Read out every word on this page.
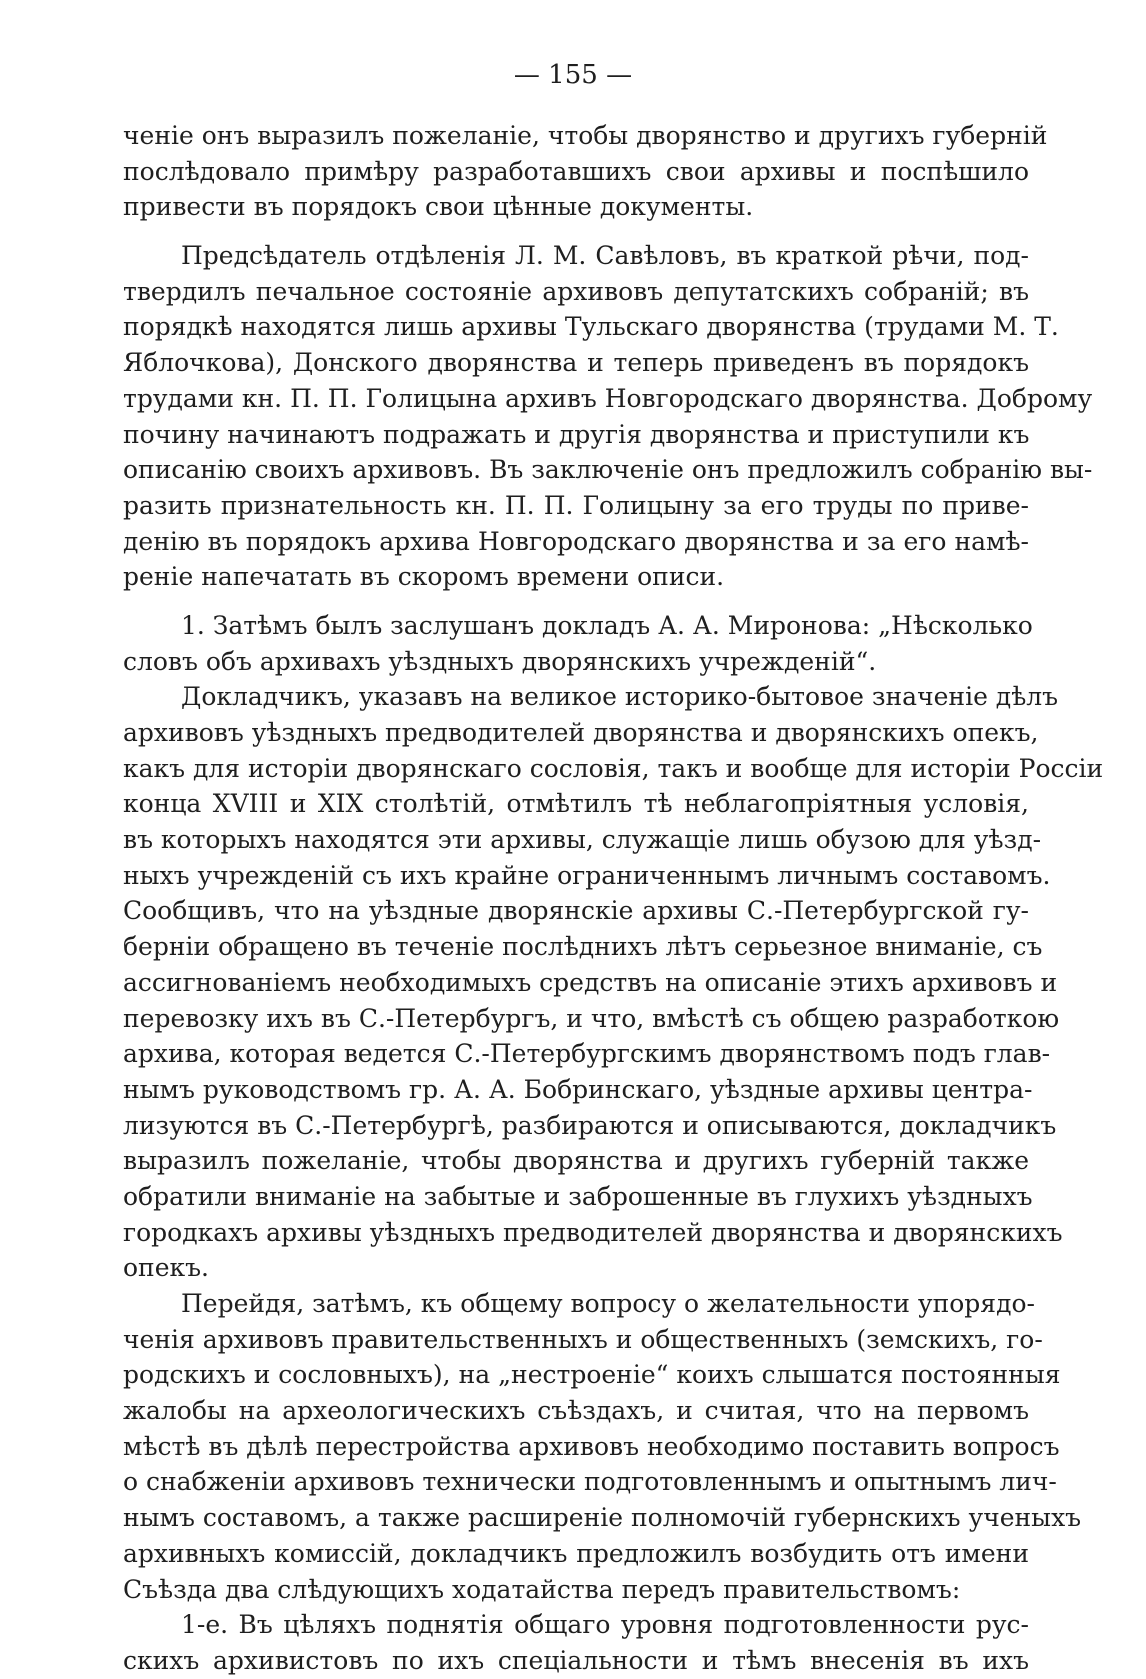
— 155 —
ченіе онъ выразилъ пожеланіе, чтобы дворянство и другихъ губерній
послѣдовало примѣру разработавшихъ свои архивы и поспѣшило
привести въ порядокъ свои цѣнные документы.
Предсѣдатель отдѣленія Л. М. Савѣловъ, въ краткой рѣчи, под-
твердилъ печальное состояніе архивовъ депутатскихъ собраній; въ
порядкѣ находятся лишь архивы Тульскаго дворянства (трудами М. Т.
Яблочкова), Донского дворянства и теперь приведенъ въ порядокъ
трудами кн. П. П. Голицына архивъ Новгородскаго дворянства. Доброму
почину начинаютъ подражать и другія дворянства и приступили къ
описанію своихъ архивовъ. Въ заключеніе онъ предложилъ собранію вы-
разить признательность кн. П. П. Голицыну за его труды по приве-
денію въ порядокъ архива Новгородскаго дворянства и за его намѣ-
реніе напечатать въ скоромъ времени описи.
1. Затѣмъ былъ заслушанъ докладъ А. А. Миронова: „Нѣсколько
словъ объ архивахъ уѣздныхъ дворянскихъ учрежденій“.
Докладчикъ, указавъ на великое историко-бытовое значеніе дѣлъ
архивовъ уѣздныхъ предводителей дворянства и дворянскихъ опекъ,
какъ для исторіи дворянскаго сословія, такъ и вообще для исторіи Россіи
конца XVIII и XIX столѣтій, отмѣтилъ тѣ неблагопріятныя условія,
въ которыхъ находятся эти архивы, служащіе лишь обузою для уѣзд-
ныхъ учрежденій съ ихъ крайне ограниченнымъ личнымъ составомъ.
Сообщивъ, что на уѣздные дворянскіе архивы С.-Петербургской гу-
берніи обращено въ теченіе послѣднихъ лѣтъ серьезное вниманіе, съ
ассигнованіемъ необходимыхъ средствъ на описаніе этихъ архивовъ и
перевозку ихъ въ С.-Петербургъ, и что, вмѣстѣ съ общею разработкою
архива, которая ведется С.-Петербургскимъ дворянствомъ подъ глав-
нымъ руководствомъ гр. А. А. Бобринскаго, уѣздные архивы центра-
лизуются въ С.-Петербургѣ, разбираются и описываются, докладчикъ
выразилъ пожеланіе, чтобы дворянства и другихъ губерній также
обратили вниманіе на забытые и заброшенные въ глухихъ уѣздныхъ
городкахъ архивы уѣздныхъ предводителей дворянства и дворянскихъ
опекъ.
Перейдя, затѣмъ, къ общему вопросу о желательности упорядо-
ченія архивовъ правительственныхъ и общественныхъ (земскихъ, го-
родскихъ и сословныхъ), на „нестроеніе“ коихъ слышатся постоянныя
жалобы на археологическихъ съѣздахъ, и считая, что на первомъ
мѣстѣ въ дѣлѣ перестройства архивовъ необходимо поставить вопросъ
о снабженіи архивовъ технически подготовленнымъ и опытнымъ лич-
нымъ составомъ, а также расширеніе полномочій губернскихъ ученыхъ
архивныхъ комиссій, докладчикъ предложилъ возбудить отъ имени
Съѣзда два слѣдующихъ ходатайства передъ правительствомъ:
1-е. Въ цѣляхъ поднятія общаго уровня подготовленности рус-
скихъ архивистовъ по ихъ спеціальности и тѣмъ внесенія въ ихъ
